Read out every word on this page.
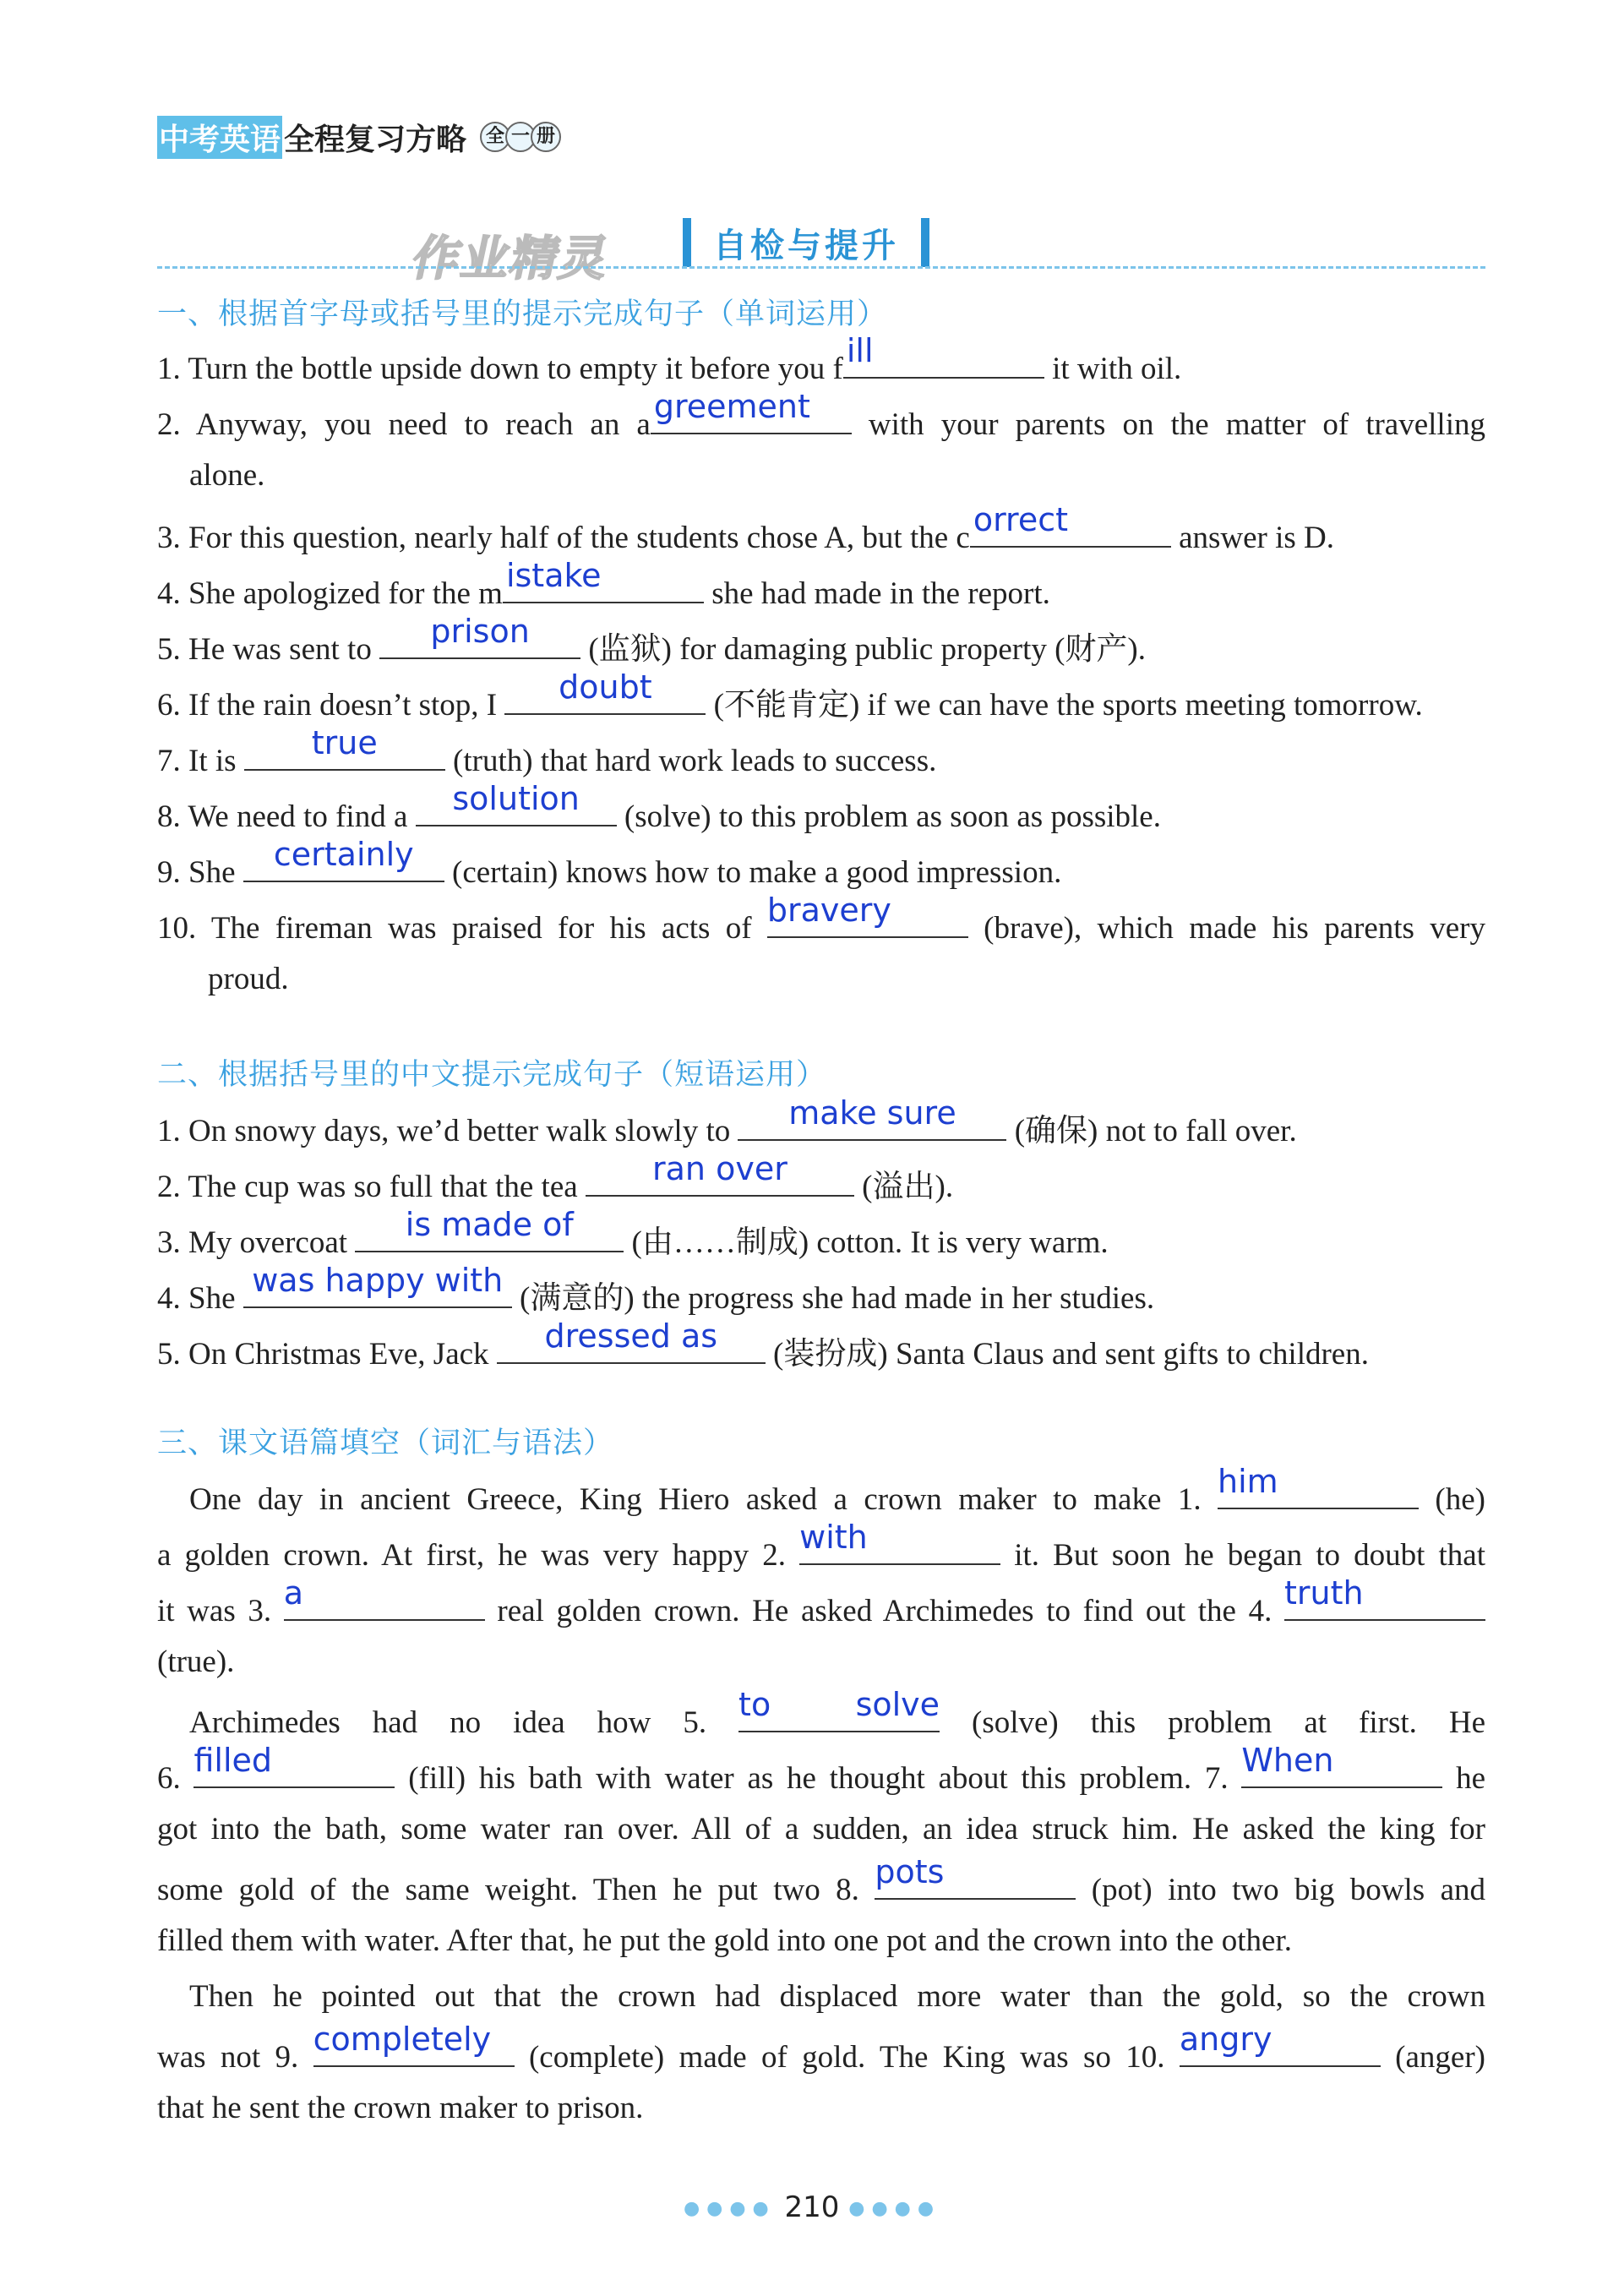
中考英语 全程复习方略	全 一 册
作业精灵	自检与提升
一、根据首字母或括号里的提示完成句子（单词运用）
1. Turn the bottle upside down to empty it before you f ill	it with oil.
2. Anyway, you need to reach an a greement	with your parents on the matter of travelling
alone.
3. For this question, nearly half of the students chose A, but the c orrect	answer is D.
4. She apologized for the m istake	she had made in the report.
5. He was sent to	prison	(监狱) for damaging public property (财产).
6. If the rain doesn’t stop, I	doubt	(不能肯定) if we can have the sports meeting tomorrow.
7. It is	true	(truth) that hard work leads to success.
8. We need to find a	solution	(solve) to this problem as soon as possible.
9. She certainly (certain) knows how to make a good impression.
10. The fireman was praised for his acts of bravery	(brave), which made his parents very
proud.
二、根据括号里的中文提示完成句子（短语运用）
1. On snowy days, we’d better walk slowly to	make sure	(确保) not to fall over.
2. The cup was so full that the tea	ran over	(溢出).
3. My overcoat	is made of	(由……制成) cotton. It is very warm.
4. She was happy with (满意的) the progress she had made in her studies.
5. On Christmas Eve, Jack	dressed as	(装扮成) Santa Claus and sent gifts to children.
三、课文语篇填空（词汇与语法）
One day in ancient Greece, King Hiero asked a crown maker to make 1. him	(he)
a golden crown. At first, he was very happy 2. with	it. But soon he began to doubt that
it was 3. a	real golden crown. He asked Archimedes to find out the 4. truth
(true).
Archimedes had no idea how 5. to solve (solve) this problem at first. He
6. filled	(fill) his bath with water as he thought about this problem. 7. When	he
got into the bath, some water ran over. All of a sudden, an idea struck him. He asked the king for
some gold of the same weight. Then he put two 8. pots	(pot) into two big bowls and
filled them with water. After that, he put the gold into one pot and the crown into the other.
Then he pointed out that the crown had displaced more water than the gold, so the crown
was not 9. completely (complete) made of gold. The King was so 10. angry	(anger)
that he sent the crown maker to prison.
●●●● 210 ●●●●
